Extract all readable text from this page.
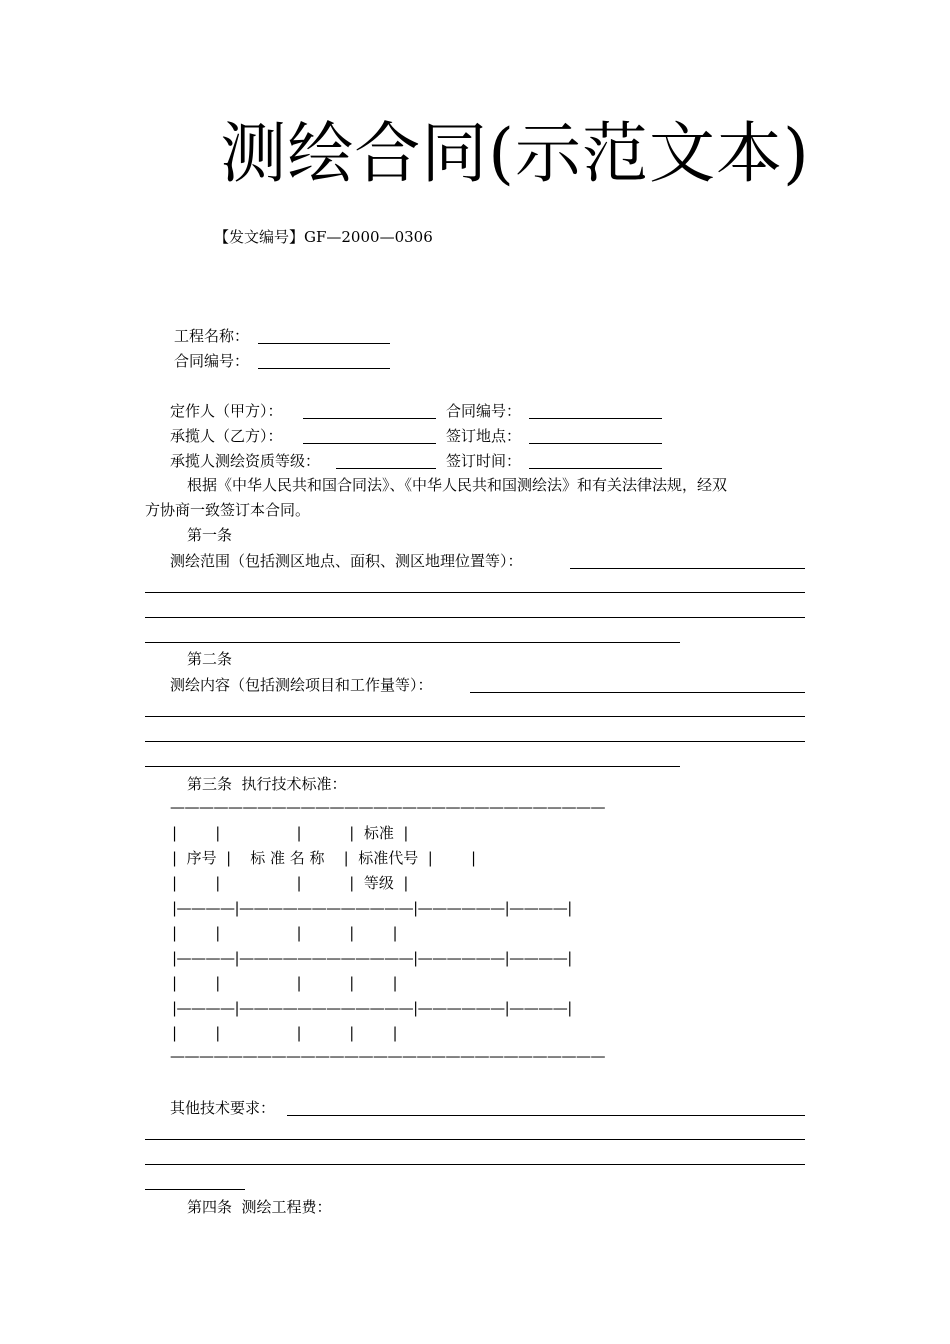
测绘合同(示范文本)
【发文编号】GF—2000—0306
工程名称：
合同编号：
定作人（甲方）：	合同编号：
承揽人（乙方）：	签订地点：
承揽人测绘资质等级：	签订时间：
根据《中华人民共和国合同法》、《中华人民共和国测绘法》和有关法律法规，经双
方协商一致签订本合同。
第一条
测绘范围（包括测区地点、面积、测区地理位置等）：
第二条
测绘内容（包括测绘项目和工作量等）：
第三条  执行技术标准：
——————————————————————————————
|        |                |          |  标准  |
|  序号  |    标 准 名 称    |  标准代号  |        |
|        |                |          |  等级  |
|————|————————————|——————|————|
|        |                |          |        |
|————|————————————|——————|————|
|        |                |          |        |
|————|————————————|——————|————|
|        |                |          |        |
——————————————————————————————
其他技术要求：
第四条  测绘工程费：
